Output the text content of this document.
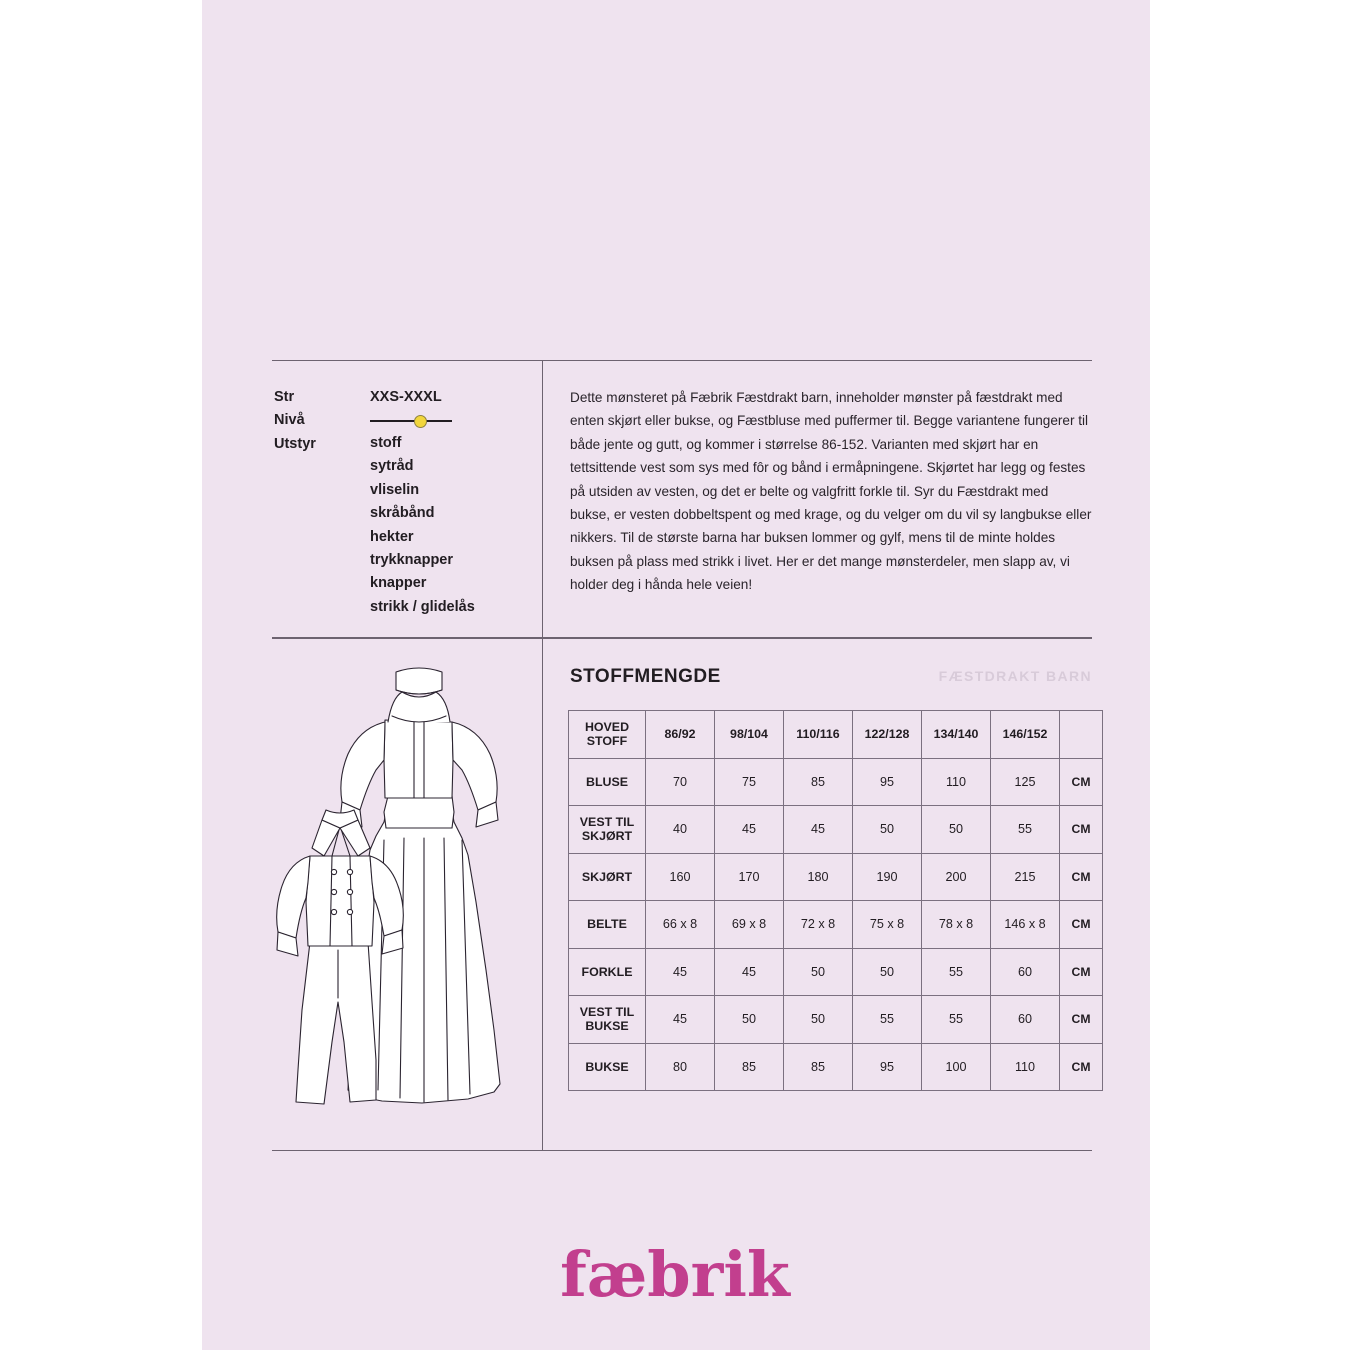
Str	XXS-XXXL
Nivå
Utstyr	stoff
sytråd
vliselin
skråbånd
hekter
trykknapper
knapper
strikk / glidelås
Dette mønsteret på Fæbrik Fæstdrakt barn, inneholder mønster på fæstdrakt med enten skjørt eller bukse, og Fæstbluse med puffermer til. Begge variantene fungerer til både jente og gutt, og kommer i størrelse 86-152. Varianten med skjørt har en tettsittende vest som sys med fôr og bånd i ermåpningene. Skjørtet har legg og festes på utsiden av vesten, og det er belte og valgfritt forkle til. Syr du Fæstdrakt med bukse, er vesten dobbeltspent og med krage, og du velger om du vil sy langbukse eller nikkers. Til de største barna har buksen lommer og gylf, mens til de minte holdes buksen på plass med strikk i livet. Her er det mange mønsterdeler, men slapp av, vi holder deg i hånda hele veien!
STOFFMENGDE	FÆSTDRAKT BARN
HOVED STOFF	86/92	98/104	110/116	122/128	134/140	146/152	
BLUSE	70	75	85	95	110	125	CM
VEST TIL SKJØRT	40	45	45	50	50	55	CM
SKJØRT	160	170	180	190	200	215	CM
BELTE	66 x 8	69 x 8	72 x 8	75 x 8	78 x 8	146 x 8	CM
FORKLE	45	45	50	50	55	60	CM
VEST TIL BUKSE	45	50	50	55	55	60	CM
BUKSE	80	85	85	95	100	110	CM
fæbrik
